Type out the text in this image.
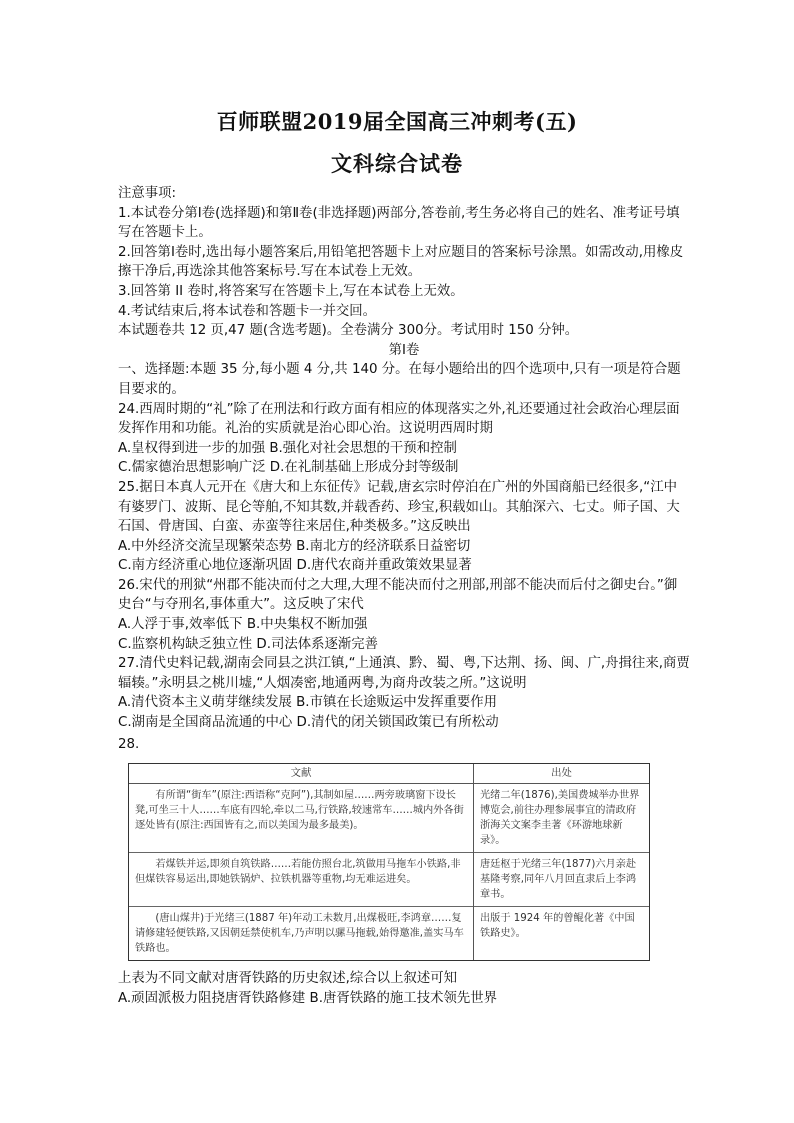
百师联盟2019届全国高三冲刺考(五)
文科综合试卷

注意事项:

1.本试卷分第Ⅰ卷(选择题)和第Ⅱ卷(非选择题)两部分,答卷前,考生务必将自己的姓名、准考证号填写在答题卡上。

2.回答第Ⅰ卷时,选出每小题答案后,用铅笔把答题卡上对应题目的答案标号涂黑。如需改动,用橡皮擦干净后,再选涂其他答案标号.写在本试卷上无效。

3.回答第 II 卷时,将答案写在答题卡上,写在本试卷上无效。

4.考试结束后,将本试卷和答题卡一并交回。

本试题卷共 12 页,47 题(含选考题)。全卷满分 300分。考试用时 150 分钟。

第Ⅰ卷

一、选择题:本题 35 分,每小题 4 分,共 140 分。在每小题给出的四个选项中,只有一项是符合题目要求的。

24.西周时期的“礼”除了在刑法和行政方面有相应的体现落实之外,礼还要通过社会政治心理层面发挥作用和功能。礼治的实质就是治心即心治。这说明西周时期

A.皇权得到进一步的加强 B.强化对社会思想的干预和控制

C.儒家德治思想影响广泛 D.在礼制基础上形成分封等级制

25.据日本真人元开在《唐大和上东征传》记载,唐玄宗时停泊在广州的外国商船已经很多,“江中有婆罗门、波斯、昆仑等舶,不知其数,并载香药、珍宝,积载如山。其舶深六、七丈。师子国、大石国、骨唐国、白蛮、赤蛮等往来居住,种类极多。”这反映出

A.中外经济交流呈现繁荣态势 B.南北方的经济联系日益密切

C.南方经济重心地位逐渐巩固 D.唐代农商并重政策效果显著

26.宋代的刑狱“州郡不能决而付之大理,大理不能决而付之刑部,刑部不能决而后付之御史台。”御史台“与夺刑名,事体重大”。这反映了宋代

A.人浮于事,效率低下 B.中央集权不断加强

C.监察机构缺乏独立性 D.司法体系逐渐完善

27.清代史料记载,湖南会同县之洪江镇,“上通滇、黔、蜀、粤,下达荆、扬、闽、广,舟揖往来,商贾辐辏。”永明县之桃川墟,“人烟凑密,地通两粤,为商舟改装之所。”这说明

A.清代资本主义萌芽继续发展 B.市镇在长途贩运中发挥重要作用

C.湖南是全国商品流通的中心 D.清代的闭关锁国政策已有所松动

28.

文献	出处
有所谓“街车”(原注:西语称“克阿”),其制如屋……两旁玻璃窗下设长凳,可坐三十人……车底有四轮,牵以二马,行铁路,较速常车……城内外各街逐处皆有(原注:西国皆有之,而以美国为最多最美)。	光绪二年(1876),美国费城举办世界博览会,前往办理参展事宜的清政府浙海关文案李圭著《环游地球新录》。
若煤铁并运,即须自筑铁路……若能仿照台北,筑做用马拖车小铁路,非但煤铁容易运出,即她铁锅炉、拉铁机器等重物,均无难运进矣。	唐廷枢于光绪三年(1877)六月亲赴基隆考察,同年八月回直隶后上李鸿章书。
(唐山煤井)于光绪三(1887 年)年动工未数月,出煤极旺,李鸿章……复请修建轻便铁路,又因朝廷禁使机车,乃声明以骡马拖载,始得邀准,盖实马车铁路也。	出版于 1924 年的曾鲲化著《中国铁路史》。

上表为不同文献对唐胥铁路的历史叙述,综合以上叙述可知

A.顽固派极力阻挠唐胥铁路修建 B.唐胥铁路的施工技术领先世界
